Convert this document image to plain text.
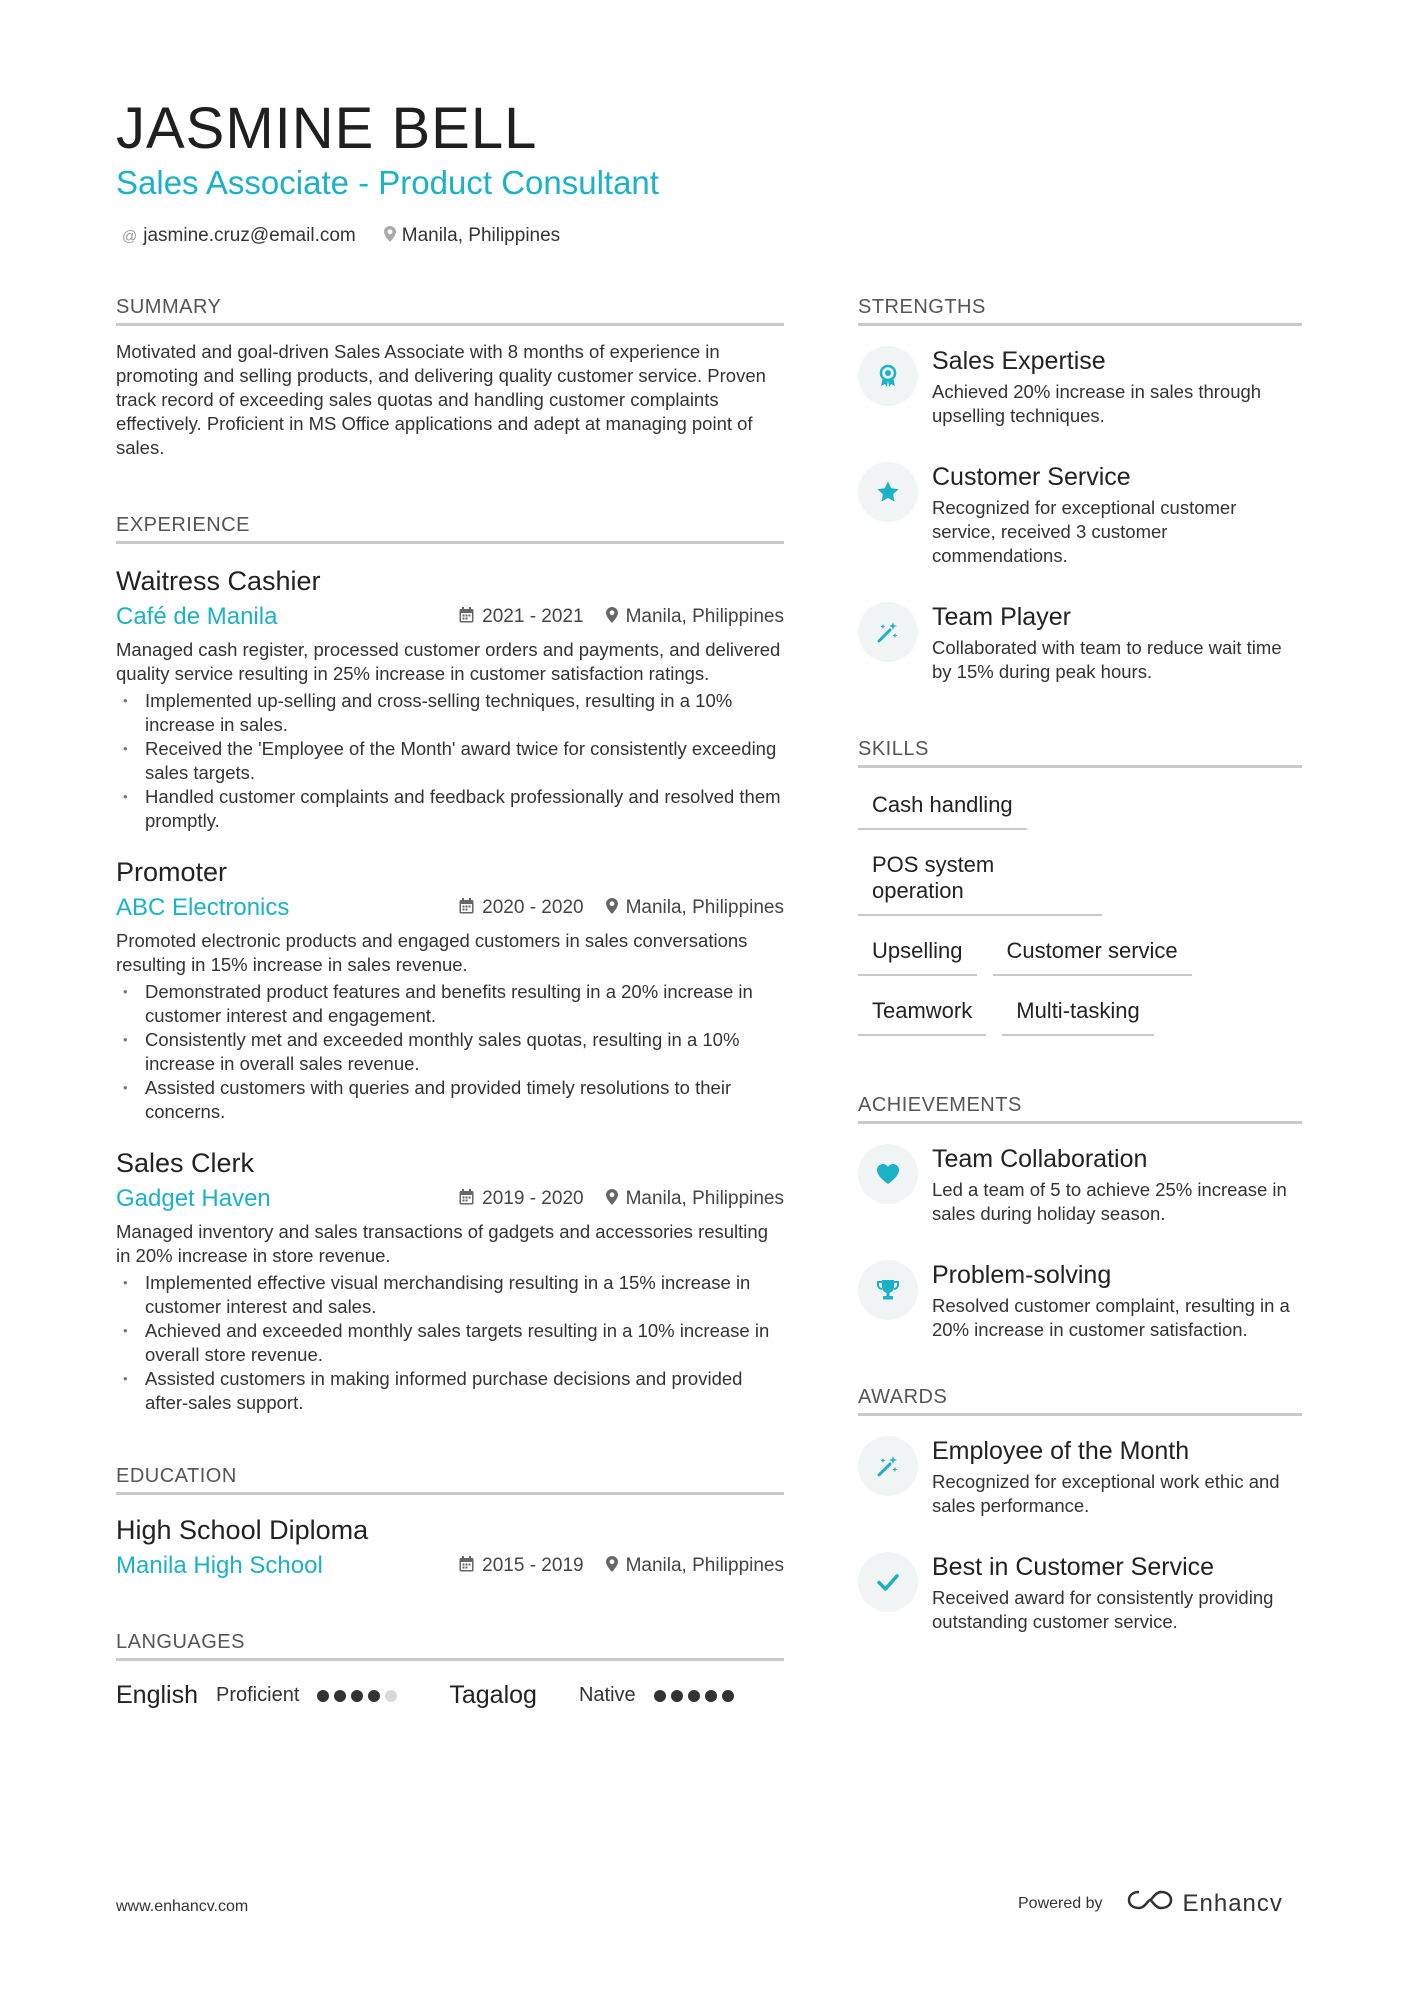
JASMINE BELL
Sales Associate - Product Consultant
@ jasmine.cruz@email.com Manila, Philippines
SUMMARY
Motivated and goal-driven Sales Associate with 8 months of experience in promoting and selling products, and delivering quality customer service. Proven track record of exceeding sales quotas and handling customer complaints effectively. Proficient in MS Office applications and adept at managing point of sales.
EXPERIENCE
Waitress Cashier
Café de Manila	2021 - 2021 Manila, Philippines
Managed cash register, processed customer orders and payments, and delivered quality service resulting in 25% increase in customer satisfaction ratings.
• Implemented up-selling and cross-selling techniques, resulting in a 10% increase in sales.
• Received the 'Employee of the Month' award twice for consistently exceeding sales targets.
• Handled customer complaints and feedback professionally and resolved them promptly.
Promoter
ABC Electronics	2020 - 2020 Manila, Philippines
Promoted electronic products and engaged customers in sales conversations resulting in 15% increase in sales revenue.
• Demonstrated product features and benefits resulting in a 20% increase in customer interest and engagement.
• Consistently met and exceeded monthly sales quotas, resulting in a 10% increase in overall sales revenue.
• Assisted customers with queries and provided timely resolutions to their concerns.
Sales Clerk
Gadget Haven	2019 - 2020 Manila, Philippines
Managed inventory and sales transactions of gadgets and accessories resulting in 20% increase in store revenue.
• Implemented effective visual merchandising resulting in a 15% increase in customer interest and sales.
• Achieved and exceeded monthly sales targets resulting in a 10% increase in overall store revenue.
• Assisted customers in making informed purchase decisions and provided after-sales support.
EDUCATION
High School Diploma
Manila High School	2015 - 2019 Manila, Philippines
LANGUAGES
English Proficient	Tagalog Native
STRENGTHS
Sales Expertise
Achieved 20% increase in sales through upselling techniques.
Customer Service
Recognized for exceptional customer service, received 3 customer commendations.
Team Player
Collaborated with team to reduce wait time by 15% during peak hours.
SKILLS
Cash handling
POS system operation
Upselling	Customer service
Teamwork	Multi-tasking
ACHIEVEMENTS
Team Collaboration
Led a team of 5 to achieve 25% increase in sales during holiday season.
Problem-solving
Resolved customer complaint, resulting in a 20% increase in customer satisfaction.
AWARDS
Employee of the Month
Recognized for exceptional work ethic and sales performance.
Best in Customer Service
Received award for consistently providing outstanding customer service.
www.enhancv.com	Powered by	Enhancv
